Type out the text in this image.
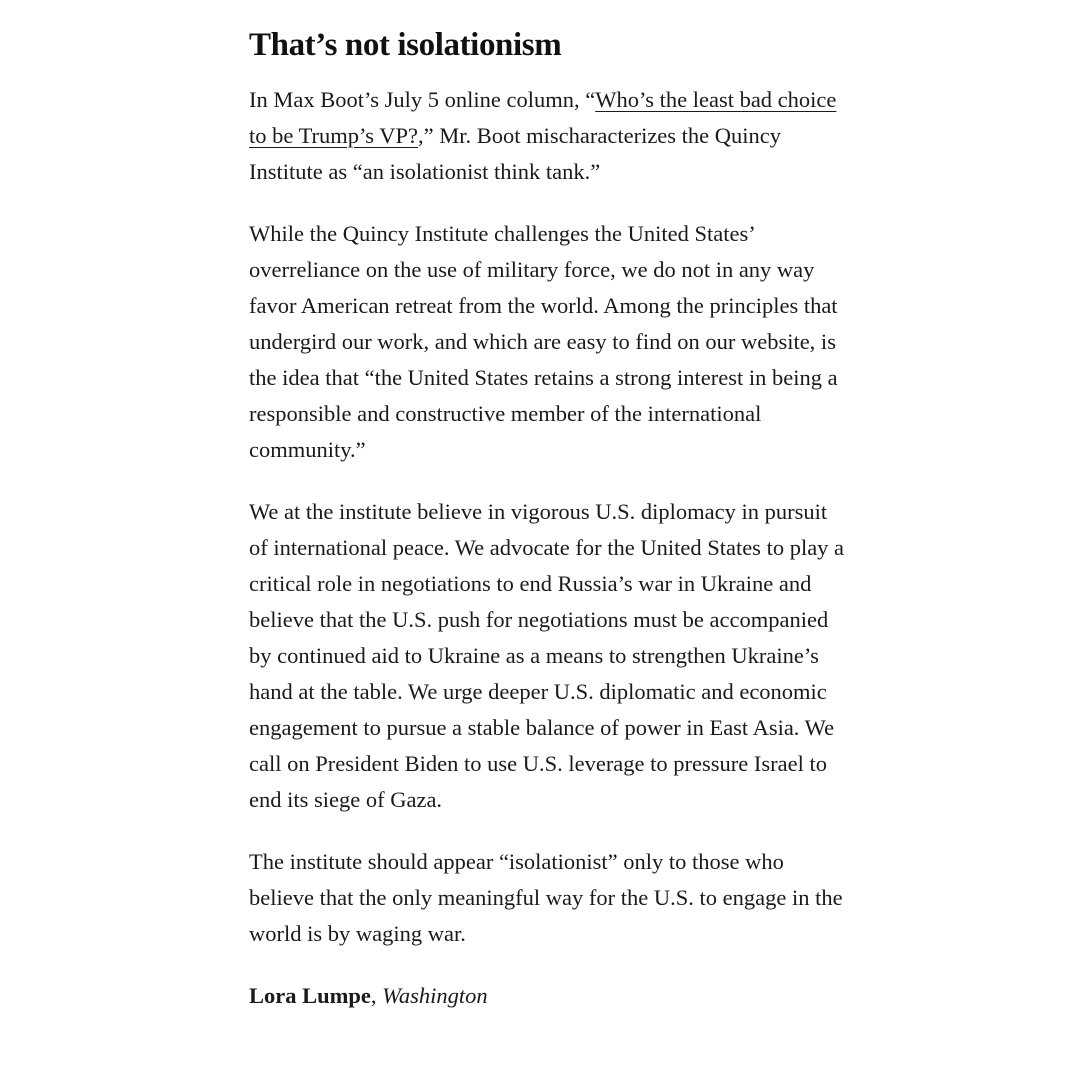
That’s not isolationism

In Max Boot’s July 5 online column, “Who’s the least bad choice to be Trump’s VP?,” Mr. Boot mischaracterizes the Quincy Institute as “an isolationist think tank.”

While the Quincy Institute challenges the United States’ overreliance on the use of military force, we do not in any way favor American retreat from the world. Among the principles that undergird our work, and which are easy to find on our website, is the idea that “the United States retains a strong interest in being a responsible and constructive member of the international community.”

We at the institute believe in vigorous U.S. diplomacy in pursuit of international peace. We advocate for the United States to play a critical role in negotiations to end Russia’s war in Ukraine and believe that the U.S. push for negotiations must be accompanied by continued aid to Ukraine as a means to strengthen Ukraine’s hand at the table. We urge deeper U.S. diplomatic and economic engagement to pursue a stable balance of power in East Asia. We call on President Biden to use U.S. leverage to pressure Israel to end its siege of Gaza.

The institute should appear “isolationist” only to those who believe that the only meaningful way for the U.S. to engage in the world is by waging war.

Lora Lumpe, Washington
